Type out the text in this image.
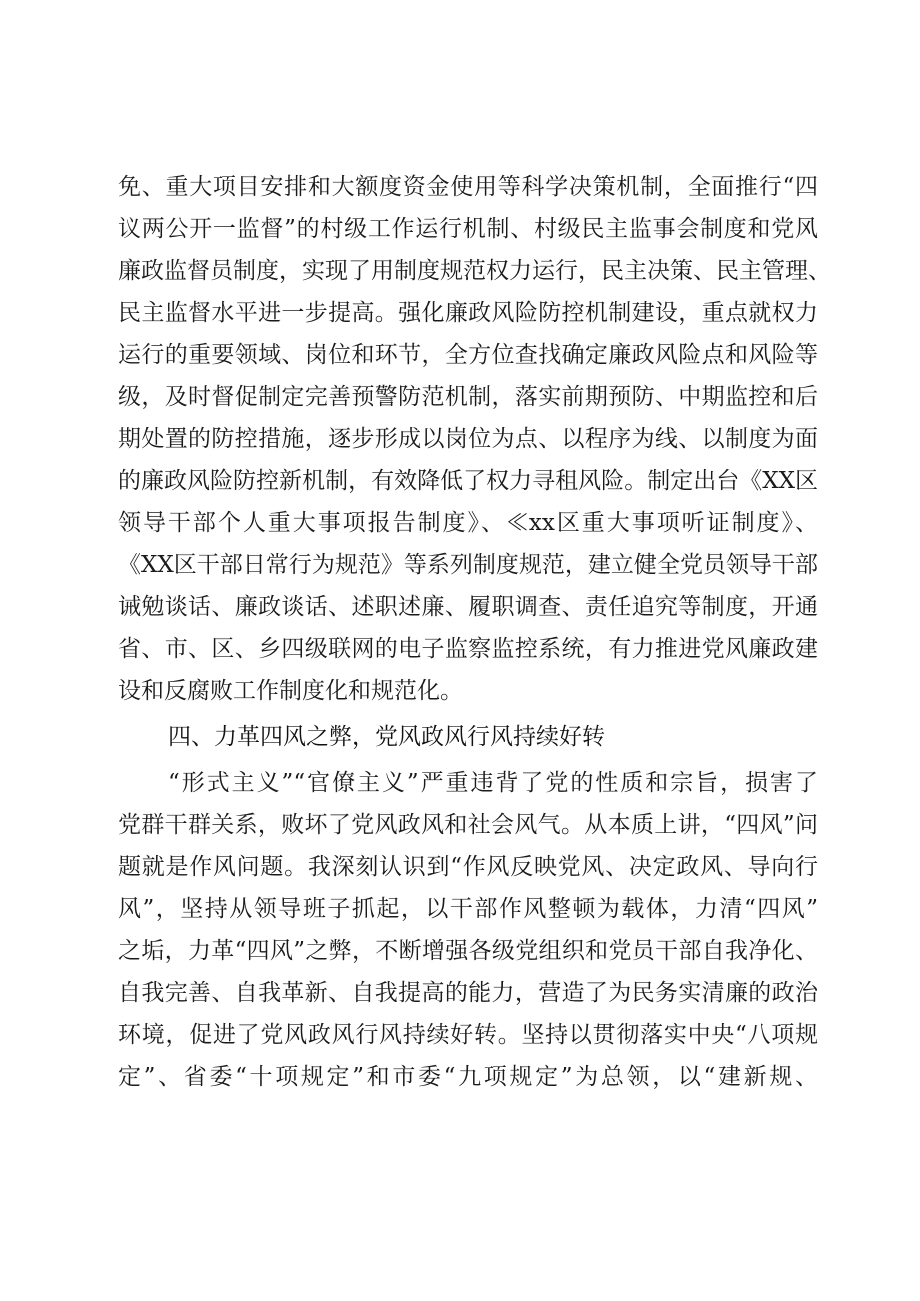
免、重大项目安排和大额度资金使用等科学决策机制，全面推行“四
议两公开一监督”的村级工作运行机制、村级民主监事会制度和党风
廉政监督员制度，实现了用制度规范权力运行，民主决策、民主管理、
民主监督水平进一步提高。强化廉政风险防控机制建设，重点就权力
运行的重要领域、岗位和环节，全方位查找确定廉政风险点和风险等
级，及时督促制定完善预警防范机制，落实前期预防、中期监控和后
期处置的防控措施，逐步形成以岗位为点、以程序为线、以制度为面
的廉政风险防控新机制，有效降低了权力寻租风险。制定出台《XX区
领导干部个人重大事项报告制度》、≪xx区重大事项听证制度》、
《XX区干部日常行为规范》等系列制度规范，建立健全党员领导干部
诫勉谈话、廉政谈话、述职述廉、履职调查、责任追究等制度，开通
省、市、区、乡四级联网的电子监察监控系统，有力推进党风廉政建
设和反腐败工作制度化和规范化。
四、力革四风之弊，党风政风行风持续好转
“形式主义”“官僚主义”严重违背了党的性质和宗旨，损害了
党群干群关系，败坏了党风政风和社会风气。从本质上讲，“四风”问
题就是作风问题。我深刻认识到“作风反映党风、决定政风、导向行
风”，坚持从领导班子抓起，以干部作风整顿为载体，力清“四风”
之垢，力革“四风”之弊，不断增强各级党组织和党员干部自我净化、
自我完善、自我革新、自我提高的能力，营造了为民务实清廉的政治
环境，促进了党风政风行风持续好转。坚持以贯彻落实中央“八项规
定”、省委“十项规定”和市委“九项规定”为总领，以“建新规、
